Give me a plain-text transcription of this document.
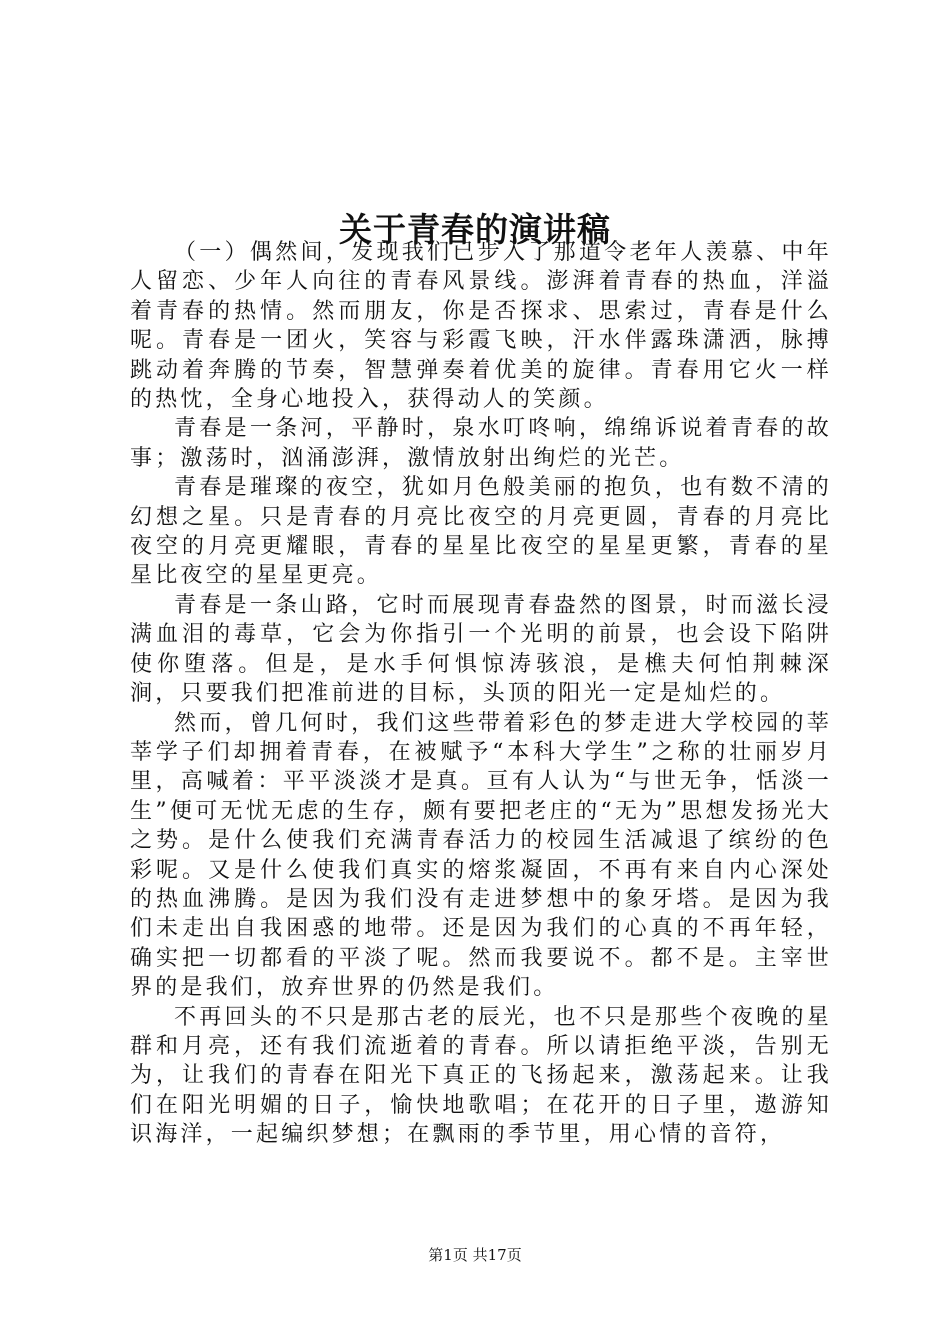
关于青春的演讲稿

（一）偶然间，发现我们已步入了那道令老年人羡慕、中年人留恋、少年人向往的青春风景线。澎湃着青春的热血，洋溢着青春的热情。然而朋友，你是否探求、思索过，青春是什么呢。青春是一团火，笑容与彩霞飞映，汗水伴露珠潇洒，脉搏跳动着奔腾的节奏，智慧弹奏着优美的旋律。青春用它火一样的热忱，全身心地投入，获得动人的笑颜。

青春是一条河，平静时，泉水叮咚响，绵绵诉说着青春的故事；激荡时，汹涌澎湃，激情放射出绚烂的光芒。

青春是璀璨的夜空，犹如月色般美丽的抱负，也有数不清的幻想之星。只是青春的月亮比夜空的月亮更圆，青春的月亮比夜空的月亮更耀眼，青春的星星比夜空的星星更繁，青春的星星比夜空的星星更亮。

青春是一条山路，它时而展现青春盎然的图景，时而滋长浸满血泪的毒草，它会为你指引一个光明的前景，也会设下陷阱使你堕落。但是，是水手何惧惊涛骇浪，是樵夫何怕荆棘深涧，只要我们把准前进的目标，头顶的阳光一定是灿烂的。

然而，曾几何时，我们这些带着彩色的梦走进大学校园的莘莘学子们却拥着青春，在被赋予“本科大学生”之称的壮丽岁月里，高喊着：平平淡淡才是真。亘有人认为“与世无争，恬淡一生”便可无忧无虑的生存，颇有要把老庄的“无为”思想发扬光大之势。是什么使我们充满青春活力的校园生活减退了缤纷的色彩呢。又是什么使我们真实的熔浆凝固，不再有来自内心深处的热血沸腾。是因为我们没有走进梦想中的象牙塔。是因为我们未走出自我困惑的地带。还是因为我们的心真的不再年轻，确实把一切都看的平淡了呢。然而我要说不。都不是。主宰世界的是我们，放弃世界的仍然是我们。

不再回头的不只是那古老的辰光，也不只是那些个夜晚的星群和月亮，还有我们流逝着的青春。所以请拒绝平淡，告别无为，让我们的青春在阳光下真正的飞扬起来，激荡起来。让我们在阳光明媚的日子，愉快地歌唱；在花开的日子里，遨游知识海洋，一起编织梦想；在飘雨的季节里，用心情的音符，

第1页 共17页
